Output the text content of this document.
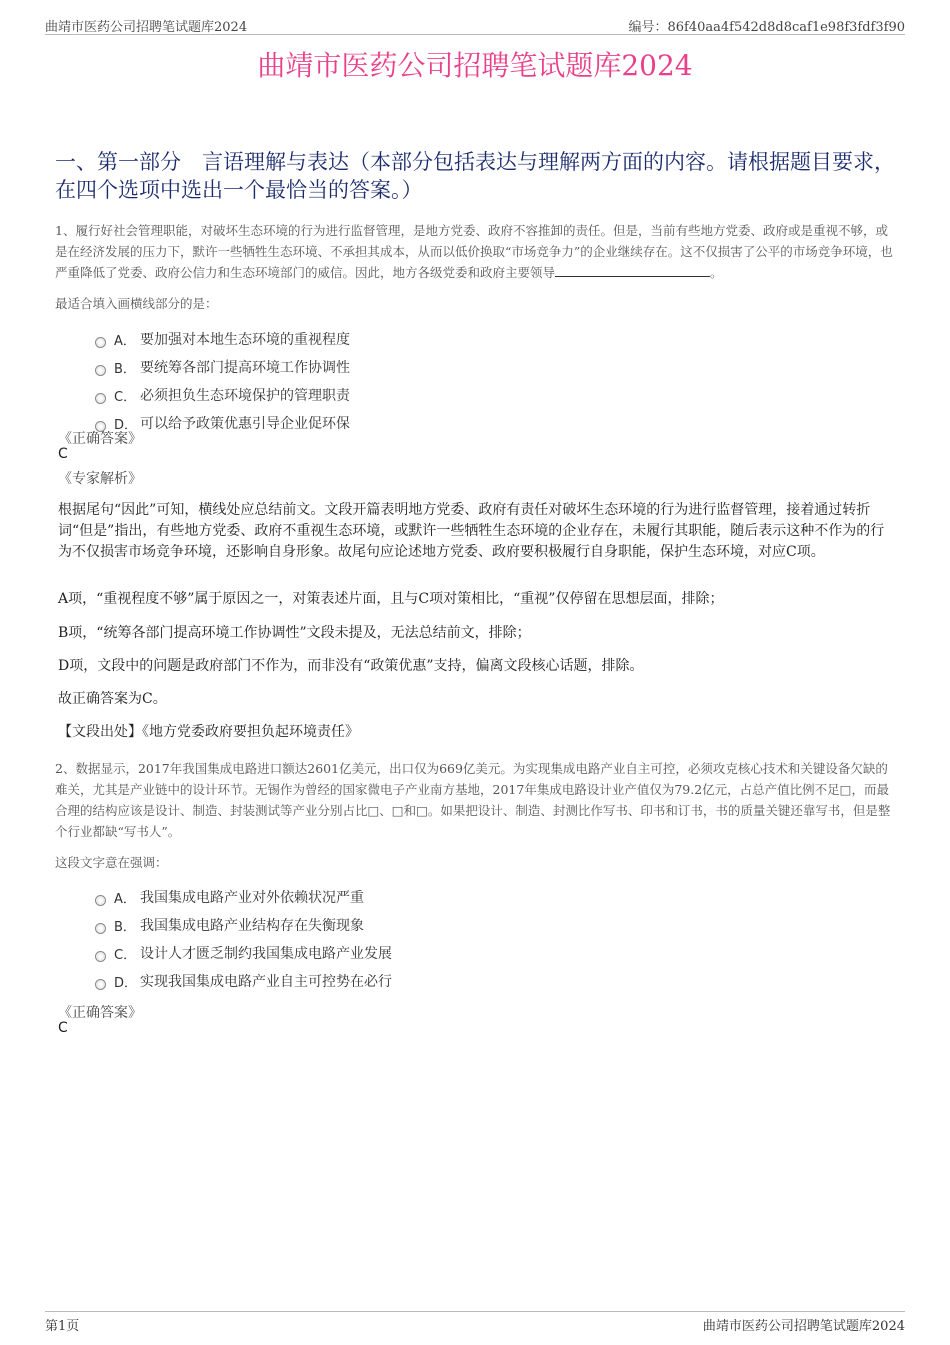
曲靖市医药公司招聘笔试题库2024	编号：86f40aa4f542d8d8caf1e98f3fdf3f90
曲靖市医药公司招聘笔试题库2024
一、第一部分　言语理解与表达（本部分包括表达与理解两方面的内容。请根据题目要求，在四个选项中选出一个最恰当的答案。）
1、履行好社会管理职能，对破坏生态环境的行为进行监督管理，是地方党委、政府不容推卸的责任。但是，当前有些地方党委、政府或是重视不够，或是在经济发展的压力下，默许一些牺牲生态环境、不承担其成本，从而以低价换取“市场竞争力”的企业继续存在。这不仅损害了公平的市场竞争环境，也严重降低了党委、政府公信力和生态环境部门的威信。因此，地方各级党委和政府主要领导	。
最适合填入画横线部分的是：
A． 要加强对本地生态环境的重视程度
B． 要统筹各部门提高环境工作协调性
C． 必须担负生态环境保护的管理职责
D． 可以给予政策优惠引导企业促环保
《正确答案》
C
《专家解析》
根据尾句“因此”可知，横线处应总结前文。文段开篇表明地方党委、政府有责任对破坏生态环境的行为进行监督管理，接着通过转折词“但是”指出，有些地方党委、政府不重视生态环境，或默许一些牺牲生态环境的企业存在，未履行其职能，随后表示这种不作为的行为不仅损害市场竞争环境，还影响自身形象。故尾句应论述地方党委、政府要积极履行自身职能，保护生态环境，对应C项。
A项，“重视程度不够”属于原因之一，对策表述片面，且与C项对策相比，“重视”仅停留在思想层面，排除；
B项，“统筹各部门提高环境工作协调性”文段未提及，无法总结前文，排除；
D项，文段中的问题是政府部门不作为，而非没有“政策优惠”支持，偏离文段核心话题，排除。
故正确答案为C。
【文段出处】《地方党委政府要担负起环境责任》
2、数据显示，2017年我国集成电路进口额达2601亿美元，出口仅为669亿美元。为实现集成电路产业自主可控，必须攻克核心技术和关键设备欠缺的难关，尤其是产业链中的设计环节。无锡作为曾经的国家微电子产业南方基地，2017年集成电路设计业产值仅为79.2亿元，占总产值比例不足□，而最合理的结构应该是设计、制造、封装测试等产业分别占比□、□和□。如果把设计、制造、封测比作写书、印书和订书，书的质量关键还靠写书，但是整个行业都缺“写书人”。
这段文字意在强调：
A． 我国集成电路产业对外依赖状况严重
B． 我国集成电路产业结构存在失衡现象
C． 设计人才匮乏制约我国集成电路产业发展
D． 实现我国集成电路产业自主可控势在必行
《正确答案》
C
第1页	曲靖市医药公司招聘笔试题库2024
